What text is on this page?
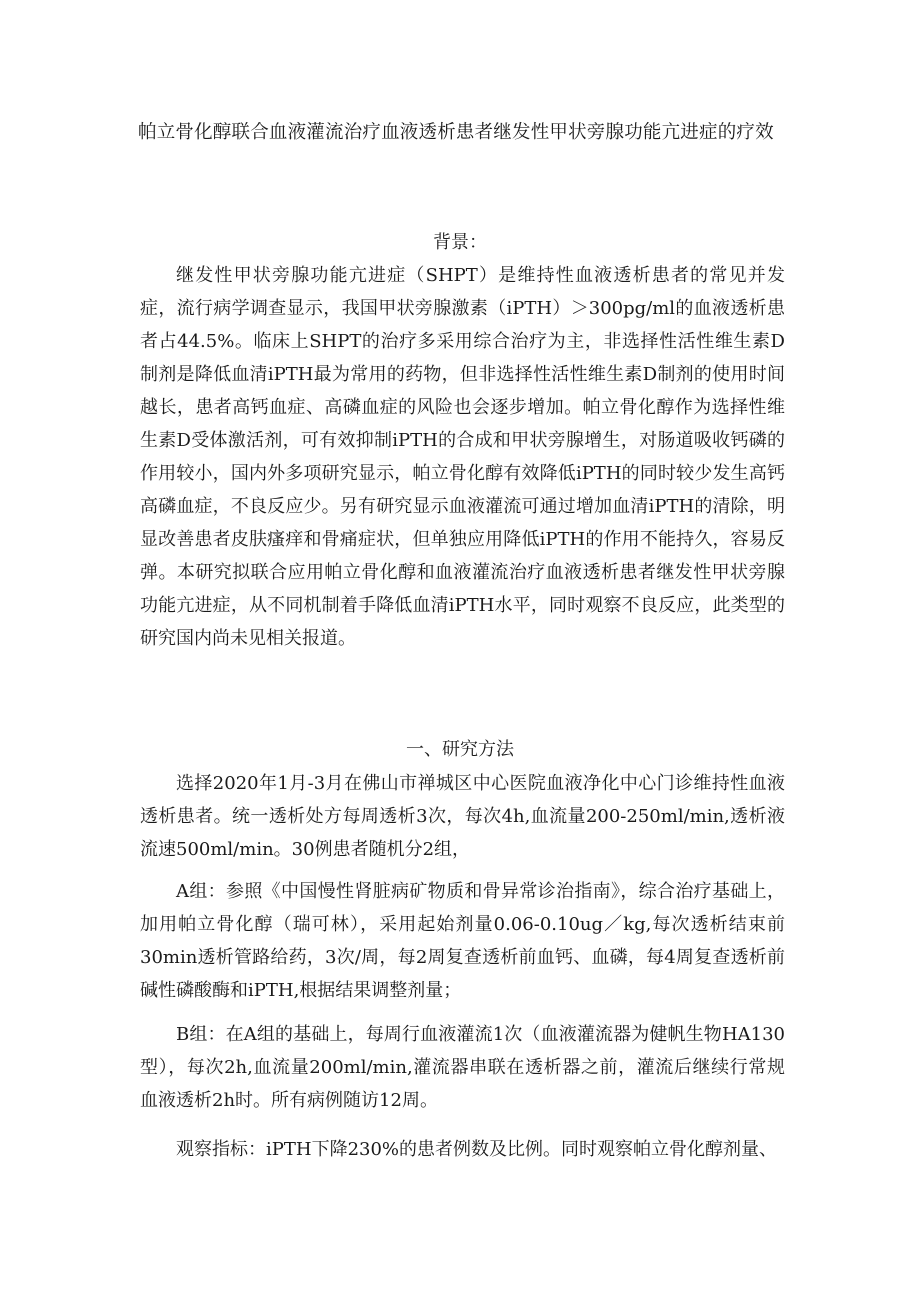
帕立骨化醇联合血液灌流治疗血液透析患者继发性甲状旁腺功能亢进症的疗效
背景：

继发性甲状旁腺功能亢进症（SHPT）是维持性血液透析患者的常见并发症，流行病学调查显示，我国甲状旁腺激素（iPTH）＞300pg/ml的血液透析患者占44.5%。临床上SHPT的治疗多采用综合治疗为主，非选择性活性维生素D制剂是降低血清iPTH最为常用的药物，但非选择性活性维生素D制剂的使用时间越长，患者高钙血症、高磷血症的风险也会逐步增加。帕立骨化醇作为选择性维生素D受体激活剂，可有效抑制iPTH的合成和甲状旁腺增生，对肠道吸收钙磷的作用较小，国内外多项研究显示，帕立骨化醇有效降低iPTH的同时较少发生高钙高磷血症，不良反应少。另有研究显示血液灌流可通过增加血清iPTH的清除，明显改善患者皮肤瘙痒和骨痛症状，但单独应用降低iPTH的作用不能持久，容易反弹。本研究拟联合应用帕立骨化醇和血液灌流治疗血液透析患者继发性甲状旁腺功能亢进症，从不同机制着手降低血清iPTH水平，同时观察不良反应，此类型的研究国内尚未见相关报道。

一、研究方法

选择2020年1月-3月在佛山市禅城区中心医院血液净化中心门诊维持性血液透析患者。统一透析处方每周透析3次，每次4h,血流量200-250ml/min,透析液流速500ml/min。30例患者随机分2组，

A组：参照《中国慢性肾脏病矿物质和骨异常诊治指南》，综合治疗基础上，加用帕立骨化醇（瑞可林），采用起始剂量0.06-0.10ug／kg,每次透析结束前30min透析管路给药，3次/周，每2周复查透析前血钙、血磷，每4周复查透析前碱性磷酸酶和iPTH,根据结果调整剂量；

B组：在A组的基础上，每周行血液灌流1次（血液灌流器为健帆生物HA130型），每次2h,血流量200ml/min,灌流器串联在透析器之前，灌流后继续行常规血液透析2h时。所有病例随访12周。

观察指标：iPTH下降230%的患者例数及比例。同时观察帕立骨化醇剂量、
